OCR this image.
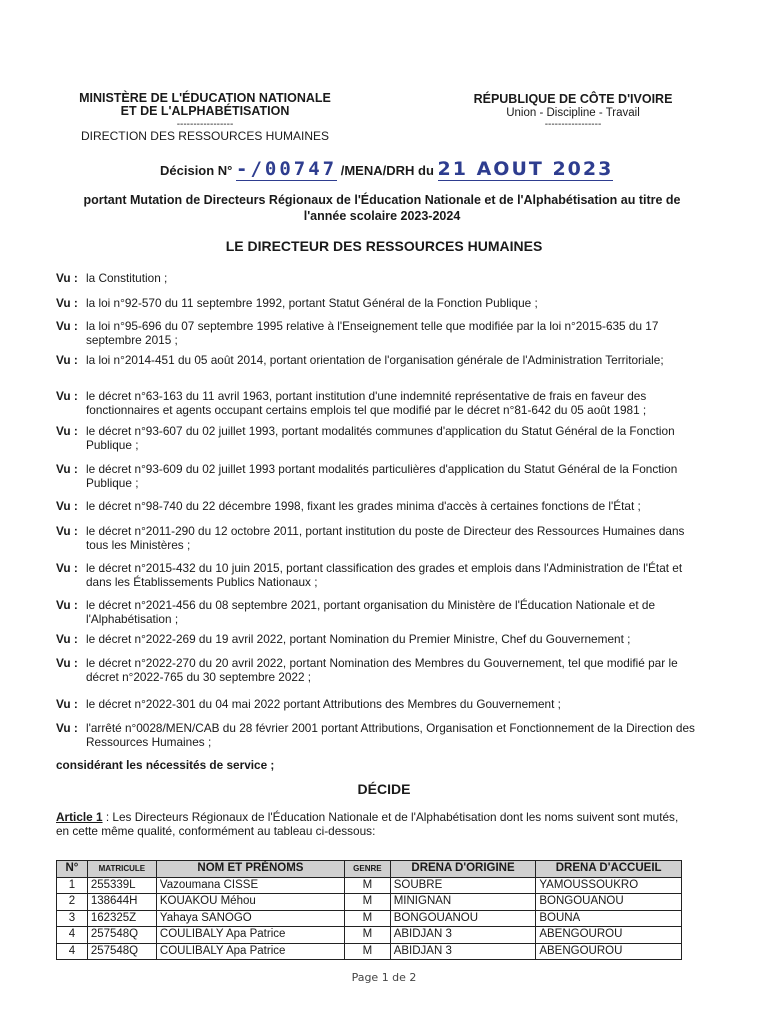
MINISTÈRE DE L'ÉDUCATION NATIONALE
ET DE L'ALPHABÉTISATION
-----------------
DIRECTION DES RESSOURCES HUMAINES
RÉPUBLIQUE DE CÔTE D'IVOIRE
Union - Discipline - Travail
-----------------
Décision N° -/00747 /MENA/DRH du 21 AOUT 2023
portant Mutation de Directeurs Régionaux de l'Éducation Nationale et de l'Alphabétisation au titre de l'année scolaire 2023-2024
LE DIRECTEUR DES RESSOURCES HUMAINES
Vu : la Constitution ;
Vu : la loi n°92-570 du 11 septembre 1992, portant Statut Général de la Fonction Publique ;
Vu : la loi n°95-696 du 07 septembre 1995 relative à l'Enseignement telle que modifiée par la loi n°2015-635 du 17 septembre 2015 ;
Vu : la loi n°2014-451 du 05 août 2014, portant orientation de l'organisation générale de l'Administration Territoriale;
Vu : le décret n°63-163 du 11 avril 1963, portant institution d'une indemnité représentative de frais en faveur des fonctionnaires et agents occupant certains emplois tel que modifié par le décret n°81-642 du 05 août 1981 ;
Vu : le décret n°93-607 du 02 juillet 1993, portant modalités communes d'application du Statut Général de la Fonction Publique ;
Vu : le décret n°93-609 du 02 juillet 1993 portant modalités particulières d'application du Statut Général de la Fonction Publique ;
Vu : le décret n°98-740 du 22 décembre 1998, fixant les grades minima d'accès à certaines fonctions de l'État ;
Vu : le décret n°2011-290 du 12 octobre 2011, portant institution du poste de Directeur des Ressources Humaines dans tous les Ministères ;
Vu : le décret n°2015-432 du 10 juin 2015, portant classification des grades et emplois dans l'Administration de l'État et dans les Établissements Publics Nationaux ;
Vu : le décret n°2021-456 du 08 septembre 2021, portant organisation du Ministère de l'Éducation Nationale et de l'Alphabétisation ;
Vu : le décret n°2022-269 du 19 avril 2022, portant Nomination du Premier Ministre, Chef du Gouvernement ;
Vu : le décret n°2022-270 du 20 avril 2022, portant Nomination des Membres du Gouvernement, tel que modifié par le décret n°2022-765 du 30 septembre 2022 ;
Vu : le décret n°2022-301 du 04 mai 2022 portant Attributions des Membres du Gouvernement ;
Vu : l'arrêté n°0028/MEN/CAB du 28 février 2001 portant Attributions, Organisation et Fonctionnement de la Direction des Ressources Humaines ;
considérant les nécessités de service ;
DÉCIDE
Article 1 : Les Directeurs Régionaux de l'Éducation Nationale et de l'Alphabétisation dont les noms suivent sont mutés, en cette même qualité, conformément au tableau ci-dessous:
N°	MATRICULE	NOM ET PRÉNOMS	GENRE	DRENA D'ORIGINE	DRENA D'ACCUEIL
1	255339L	Vazoumana CISSE	M	SOUBRE	YAMOUSSOUKRO
2	138644H	KOUAKOU Méhou	M	MINIGNAN	BONGOUANOU
3	162325Z	Yahaya SANOGO	M	BONGOUANOU	BOUNA
4	257548Q	COULIBALY Apa Patrice	M	ABIDJAN 3	ABENGOUROU
4	257548Q	COULIBALY Apa Patrice	M	ABIDJAN 3	ABENGOUROU
Page 1 de 2
